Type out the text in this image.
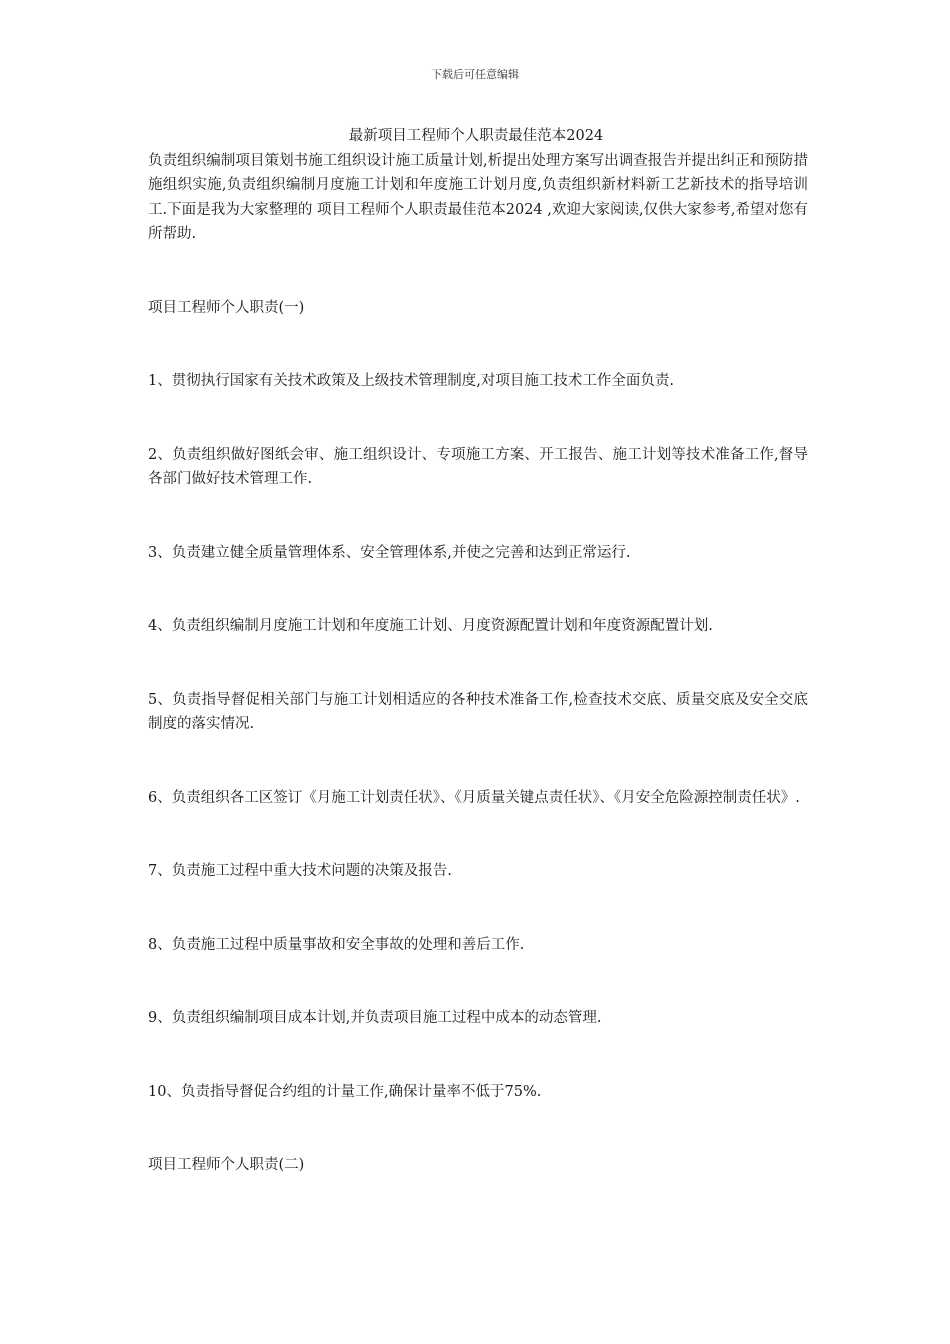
下载后可任意编辑
最新项目工程师个人职责最佳范本2024

负责组织编制项目策划书施工组织设计施工质量计划,析提出处理方案写出调查报告并提出纠正和预防措施组织实施,负责组织编制月度施工计划和年度施工计划月度,负责组织新材料新工艺新技术的指导培训工.下面是我为大家整理的 项目工程师个人职责最佳范本2024 ,欢迎大家阅读,仅供大家参考,希望对您有所帮助.

项目工程师个人职责(一)

1、贯彻执行国家有关技术政策及上级技术管理制度,对项目施工技术工作全面负责.

2、负责组织做好图纸会审、施工组织设计、专项施工方案、开工报告、施工计划等技术准备工作,督导各部门做好技术管理工作.

3、负责建立健全质量管理体系、安全管理体系,并使之完善和达到正常运行.

4、负责组织编制月度施工计划和年度施工计划、月度资源配置计划和年度资源配置计划.

5、负责指导督促相关部门与施工计划相适应的各种技术准备工作,检查技术交底、质量交底及安全交底制度的落实情况.

6、负责组织各工区签订《月施工计划责任状》、《月质量关键点责任状》、《月安全危险源控制责任状》.

7、负责施工过程中重大技术问题的决策及报告.

8、负责施工过程中质量事故和安全事故的处理和善后工作.

9、负责组织编制项目成本计划,并负责项目施工过程中成本的动态管理.

10、负责指导督促合约组的计量工作,确保计量率不低于75%.

项目工程师个人职责(二)
